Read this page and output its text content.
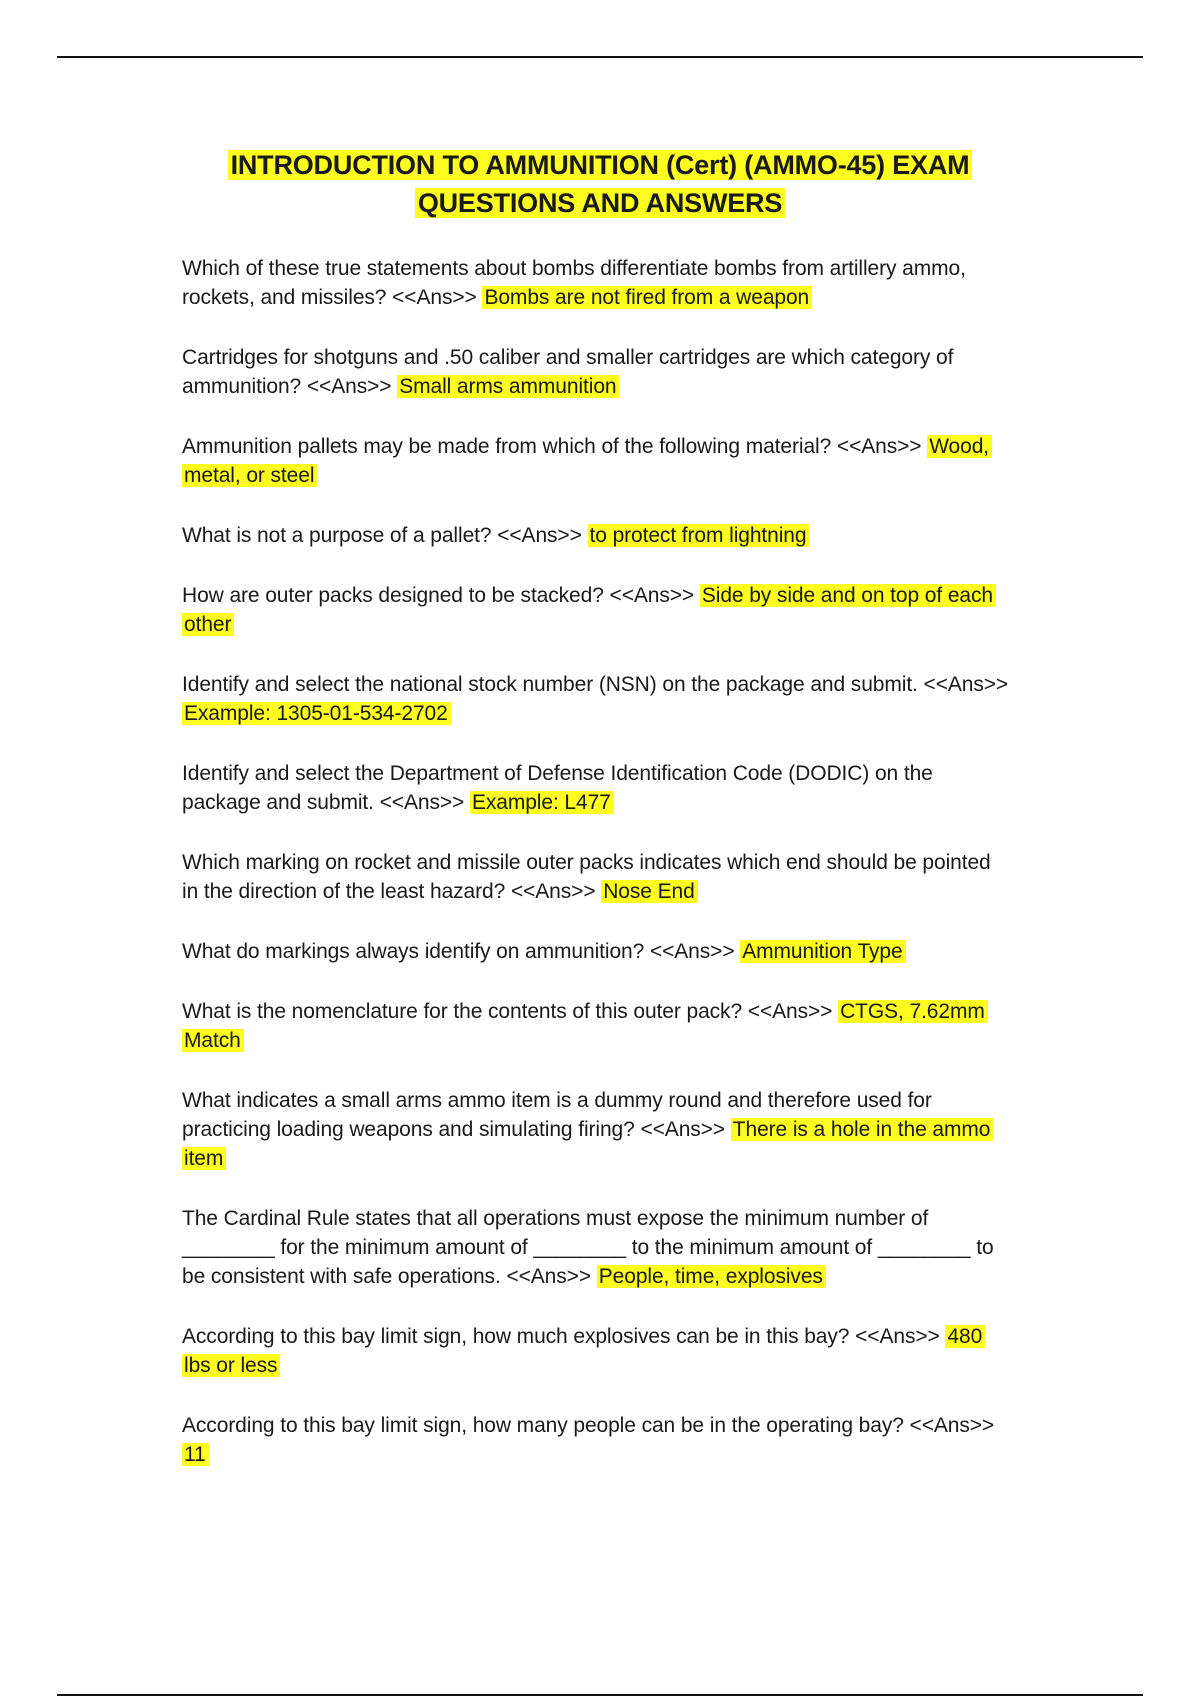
INTRODUCTION TO AMMUNITION (Cert) (AMMO-45) EXAM
QUESTIONS AND ANSWERS

Which of these true statements about bombs differentiate bombs from artillery ammo, rockets, and missiles? <<Ans>> Bombs are not fired from a weapon

Cartridges for shotguns and .50 caliber and smaller cartridges are which category of ammunition? <<Ans>> Small arms ammunition

Ammunition pallets may be made from which of the following material? <<Ans>> Wood, metal, or steel

What is not a purpose of a pallet? <<Ans>> to protect from lightning

How are outer packs designed to be stacked? <<Ans>> Side by side and on top of each other

Identify and select the national stock number (NSN) on the package and submit. <<Ans>> Example: 1305-01-534-2702

Identify and select the Department of Defense Identification Code (DODIC) on the package and submit. <<Ans>> Example: L477

Which marking on rocket and missile outer packs indicates which end should be pointed in the direction of the least hazard? <<Ans>> Nose End

What do markings always identify on ammunition? <<Ans>> Ammunition Type

What is the nomenclature for the contents of this outer pack? <<Ans>> CTGS, 7.62mm Match

What indicates a small arms ammo item is a dummy round and therefore used for practicing loading weapons and simulating firing? <<Ans>> There is a hole in the ammo item

The Cardinal Rule states that all operations must expose the minimum number of ________ for the minimum amount of ________ to the minimum amount of ________ to be consistent with safe operations. <<Ans>> People, time, explosives

According to this bay limit sign, how much explosives can be in this bay? <<Ans>> 480 lbs or less

According to this bay limit sign, how many people can be in the operating bay? <<Ans>> 11
